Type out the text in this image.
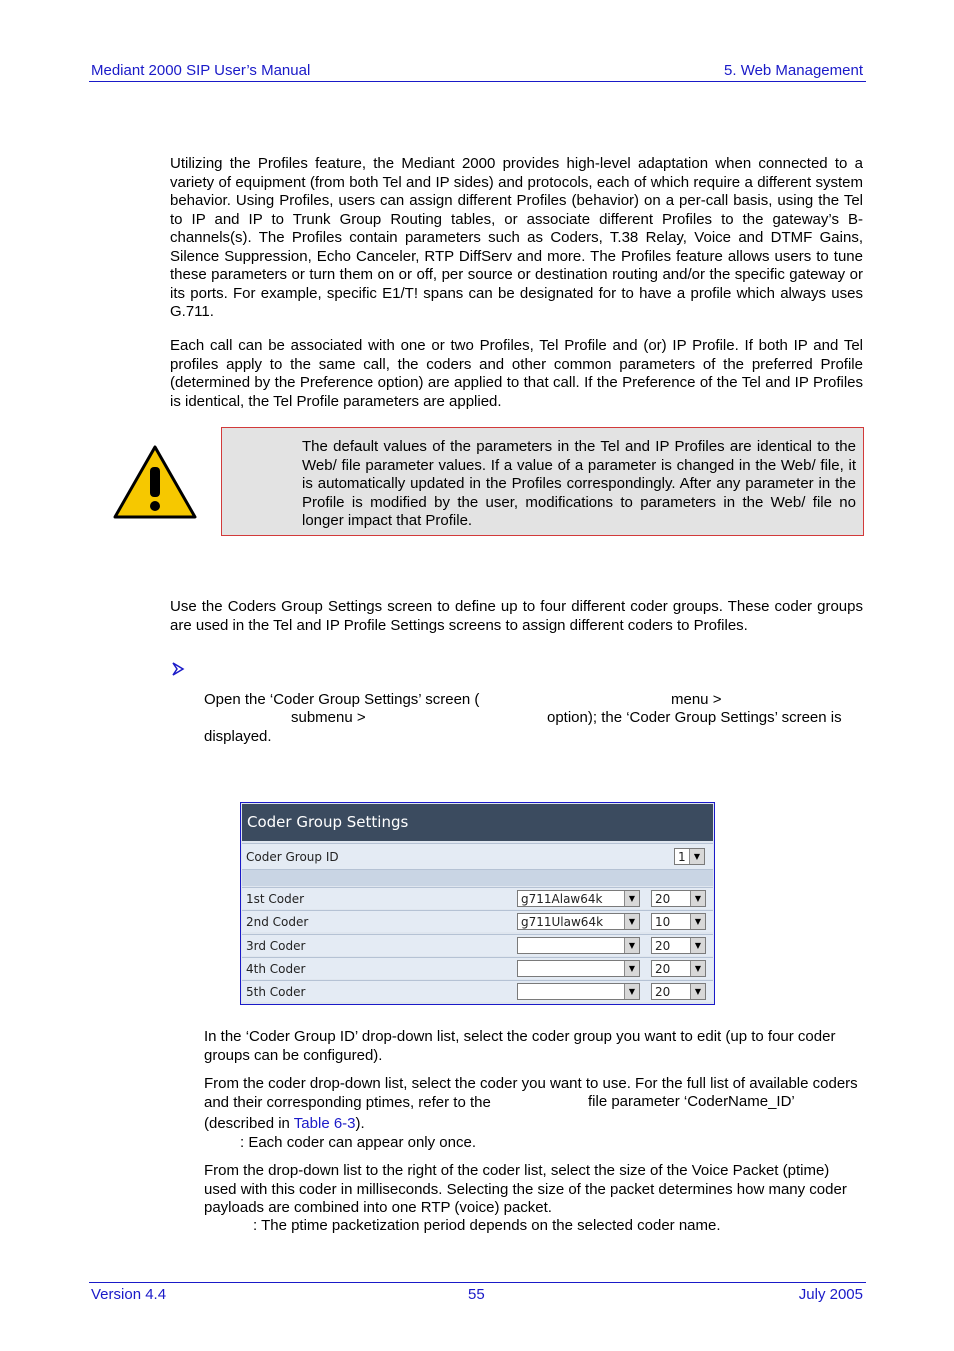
Mediant 2000 SIP User’s Manual	5. Web Management
Utilizing the Profiles feature, the Mediant 2000 provides high-level adaptation when connected to a variety of equipment (from both Tel and IP sides) and protocols, each of which require a different system behavior. Using Profiles, users can assign different Profiles (behavior) on a per-call basis, using the Tel to IP and IP to Trunk Group Routing tables, or associate different Profiles to the gateway’s B-channels(s). The Profiles contain parameters such as Coders, T.38 Relay, Voice and DTMF Gains, Silence Suppression, Echo Canceler, RTP DiffServ and more. The Profiles feature allows users to tune these parameters or turn them on or off, per source or destination routing and/or the specific gateway or its ports. For example, specific E1/T! spans can be designated for to have a profile which always uses G.711.
Each call can be associated with one or two Profiles, Tel Profile and (or) IP Profile. If both IP and Tel profiles apply to the same call, the coders and other common parameters of the preferred Profile (determined by the Preference option) are applied to that call. If the Preference of the Tel and IP Profiles is identical, the Tel Profile parameters are applied.
The default values of the parameters in the Tel and IP Profiles are identical to the Web/ file parameter values. If a value of a parameter is changed in the Web/ file, it is automatically updated in the Profiles correspondingly. After any parameter in the Profile is modified by the user, modifications to parameters in the Web/ file no longer impact that Profile.
Use the Coders Group Settings screen to define up to four different coder groups. These coder groups are used in the Tel and IP Profile Settings screens to assign different coders to Profiles.
Open the ‘Coder Group Settings’ screen (	menu >
submenu >	option); the ‘Coder Group Settings’ screen is
displayed.
Coder Group Settings
Coder Group ID	1	▼
1st Coder	g711Alaw64k	▼	20	▼
2nd Coder	g711Ulaw64k	▼	10	▼
3rd Coder	▼	20	▼
4th Coder	▼	20	▼
5th Coder	▼	20	▼
In the ‘Coder Group ID’ drop-down list, select the coder group you want to edit (up to four coder groups can be configured).
From the coder drop-down list, select the coder you want to use. For the full list of available coders and their corresponding ptimes, refer to the	file parameter ‘CoderName_ID’
(described in Table 6-3).
: Each coder can appear only once.
From the drop-down list to the right of the coder list, select the size of the Voice Packet (ptime) used with this coder in milliseconds. Selecting the size of the packet determines how many coder payloads are combined into one RTP (voice) packet.
: The ptime packetization period depends on the selected coder name.
Version 4.4	55	July 2005
